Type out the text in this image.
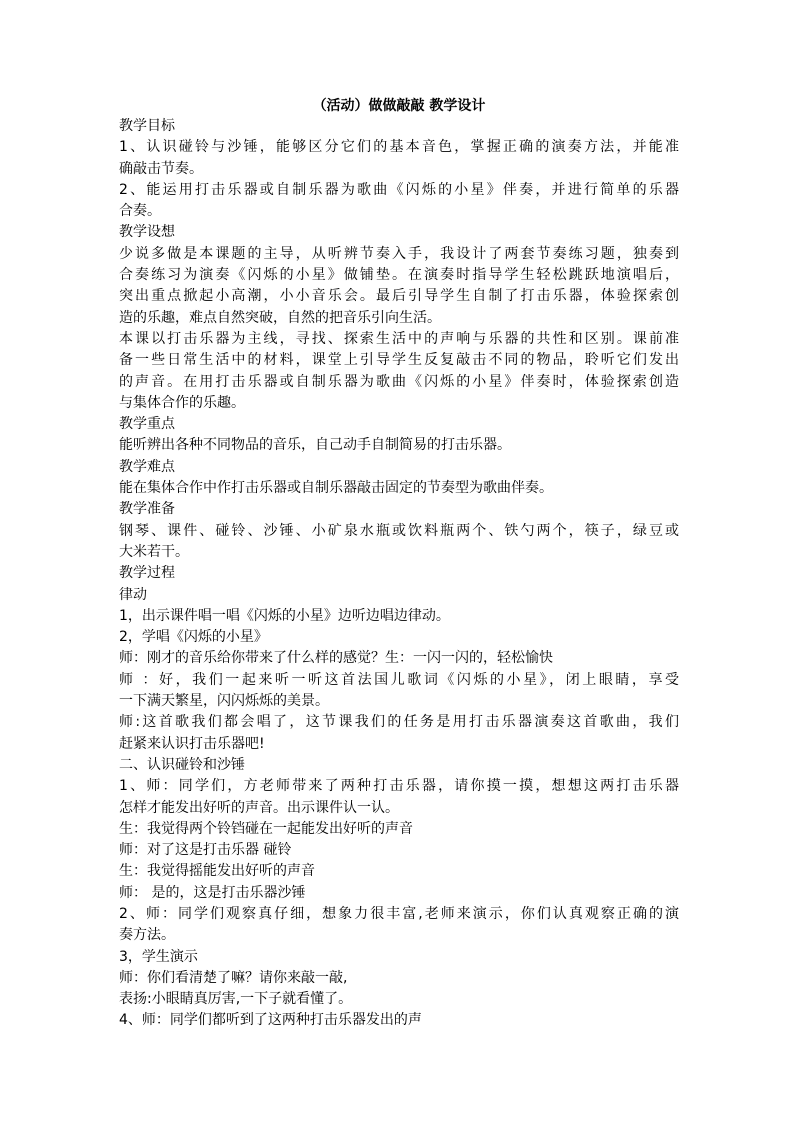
（活动）做做敲敲 教学设计
教学目标
1、认识碰铃与沙锤，能够区分它们的基本音色，掌握正确的演奏方法，并能准
确敲击节奏。
2、能运用打击乐器或自制乐器为歌曲《闪烁的小星》伴奏，并进行简单的乐器
合奏。
教学设想
少说多做是本课题的主导，从听辨节奏入手，我设计了两套节奏练习题，独奏到
合奏练习为演奏《闪烁的小星》做铺垫。在演奏时指导学生轻松跳跃地演唱后，
突出重点掀起小高潮，小小音乐会。最后引导学生自制了打击乐器，体验探索创
造的乐趣，难点自然突破，自然的把音乐引向生活。
本课以打击乐器为主线，寻找、探索生活中的声响与乐器的共性和区别。课前准
备一些日常生活中的材料，课堂上引导学生反复敲击不同的物品，聆听它们发出
的声音。在用打击乐器或自制乐器为歌曲《闪烁的小星》伴奏时，体验探索创造
与集体合作的乐趣。
教学重点
能听辨出各种不同物品的音乐，自己动手自制简易的打击乐器。
教学难点
能在集体合作中作打击乐器或自制乐器敲击固定的节奏型为歌曲伴奏。
教学准备
钢琴、课件、碰铃、沙锤、小矿泉水瓶或饮料瓶两个、铁勺两个，筷子，绿豆或
大米若干。
教学过程
律动
1，出示课件唱一唱《闪烁的小星》边听边唱边律动。
2，学唱《闪烁的小星》
师：刚才的音乐给你带来了什么样的感觉？生：一闪一闪的，轻松愉快
师 ：好，我们一起来听一听这首法国儿歌词《闪烁的小星》，闭上眼睛，享受
一下满天繁星，闪闪烁烁的美景。
师:这首歌我们都会唱了，这节课我们的任务是用打击乐器演奏这首歌曲，我们
赶紧来认识打击乐器吧!
二、认识碰铃和沙锤
1、师：同学们，方老师带来了两种打击乐器，请你摸一摸，想想这两打击乐器
怎样才能发出好听的声音。出示课件认一认。
生：我觉得两个铃铛碰在一起能发出好听的声音
师：对了这是打击乐器 碰铃
生：我觉得摇能发出好听的声音
师： 是的，这是打击乐器沙锤
2、师：同学们观察真仔细，想象力很丰富,老师来演示，你们认真观察正确的演
奏方法。
3，学生演示
师：你们看清楚了嘛？请你来敲一敲,
表扬:小眼睛真厉害,一下子就看懂了。
4、师：同学们都听到了这两种打击乐器发出的声
